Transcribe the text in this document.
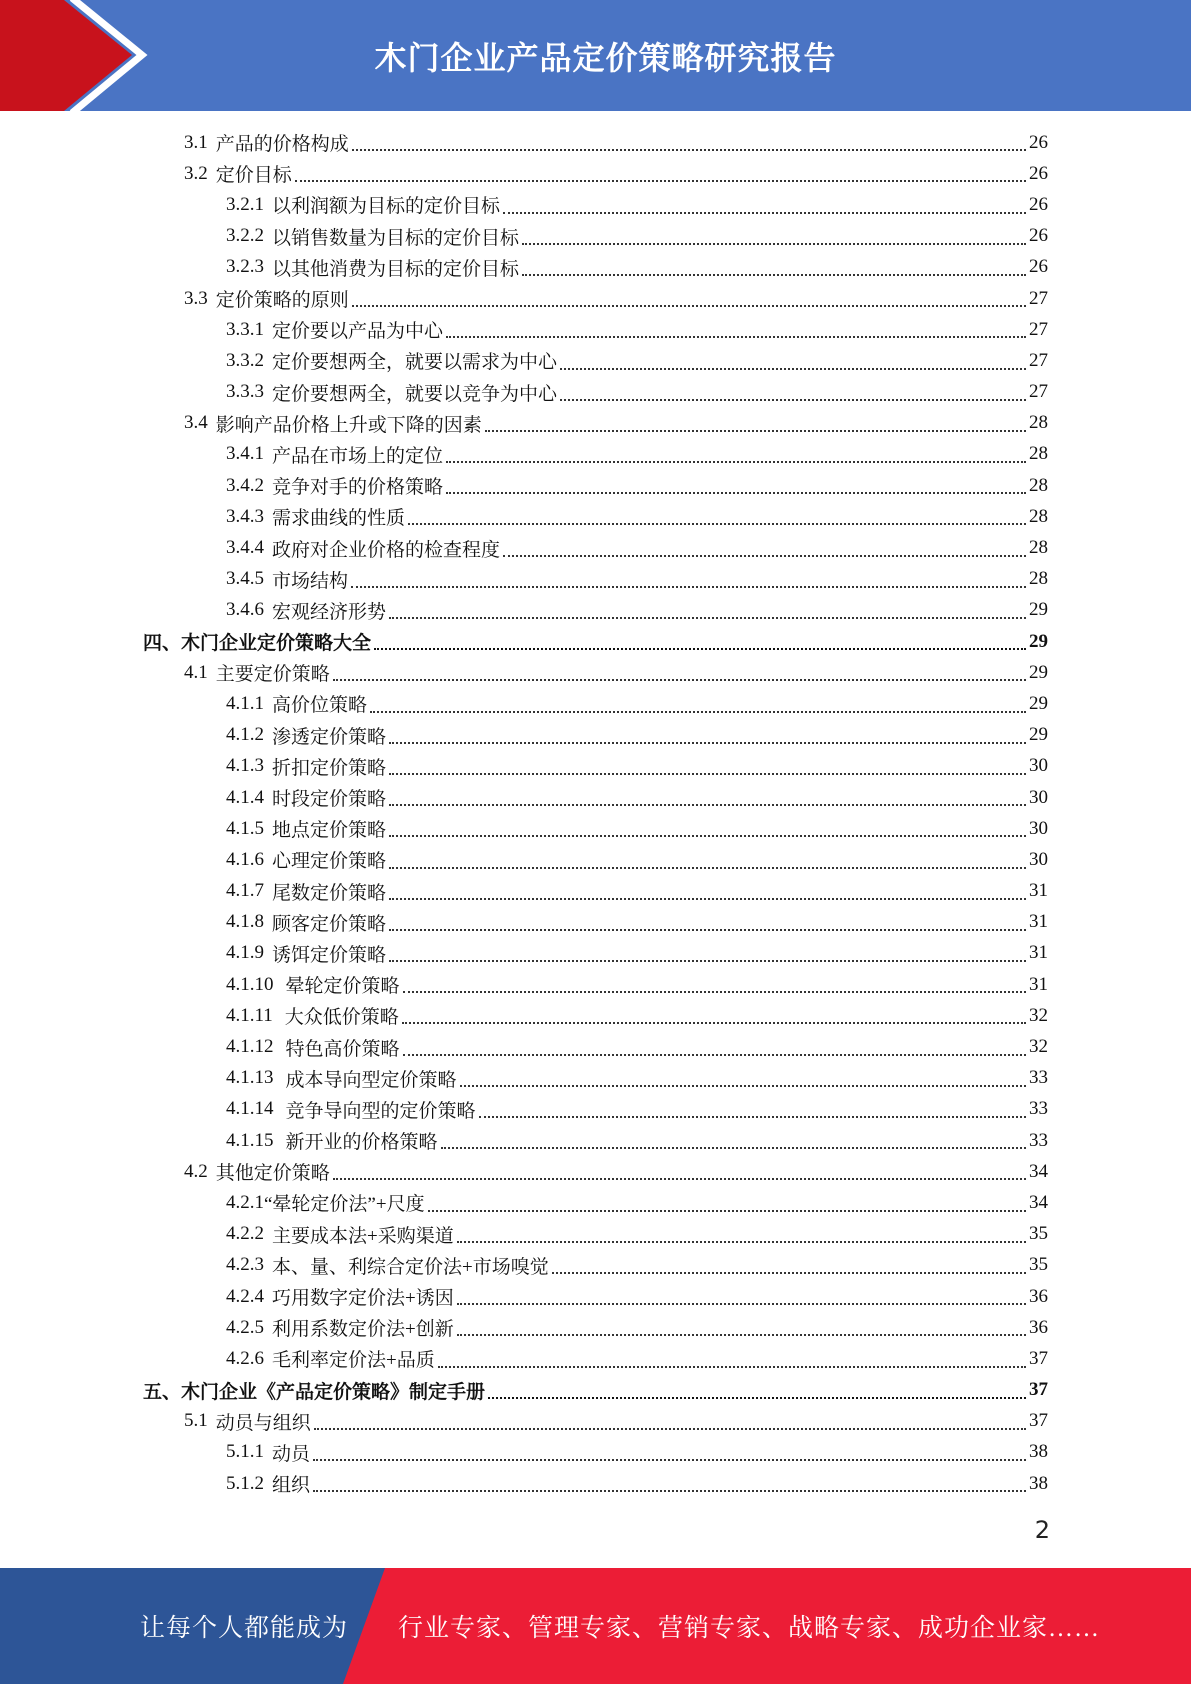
木门企业产品定价策略研究报告
3.1 产品的价格构成	26
3.2 定价目标	26
3.2.1 以利润额为目标的定价目标	26
3.2.2 以销售数量为目标的定价目标	26
3.2.3 以其他消费为目标的定价目标	26
3.3 定价策略的原则	27
3.3.1 定价要以产品为中心	27
3.3.2 定价要想两全，就要以需求为中心	27
3.3.3 定价要想两全，就要以竞争为中心	27
3.4 影响产品价格上升或下降的因素	28
3.4.1 产品在市场上的定位	28
3.4.2 竞争对手的价格策略	28
3.4.3 需求曲线的性质	28
3.4.4 政府对企业价格的检查程度	28
3.4.5 市场结构	28
3.4.6 宏观经济形势	29
四、木门企业定价策略大全	29
4.1 主要定价策略	29
4.1.1 高价位策略	29
4.1.2 渗透定价策略	29
4.1.3 折扣定价策略	30
4.1.4 时段定价策略	30
4.1.5 地点定价策略	30
4.1.6 心理定价策略	30
4.1.7 尾数定价策略	31
4.1.8 顾客定价策略	31
4.1.9 诱饵定价策略	31
4.1.10 晕轮定价策略	31
4.1.11 大众低价策略	32
4.1.12 特色高价策略	32
4.1.13 成本导向型定价策略	33
4.1.14 竞争导向型的定价策略	33
4.1.15 新开业的价格策略	33
4.2 其他定价策略	34
4.2.1 “晕轮定价法”+尺度	34
4.2.2 主要成本法+采购渠道	35
4.2.3 本、量、利综合定价法+市场嗅觉	35
4.2.4 巧用数字定价法+诱因	36
4.2.5 利用系数定价法+创新	36
4.2.6 毛利率定价法+品质	37
五、木门企业《产品定价策略》制定手册	37
5.1 动员与组织	37
5.1.1 动员	38
5.1.2 组织	38
2
让每个人都能成为 行业专家、管理专家、营销专家、战略专家、成功企业家……
